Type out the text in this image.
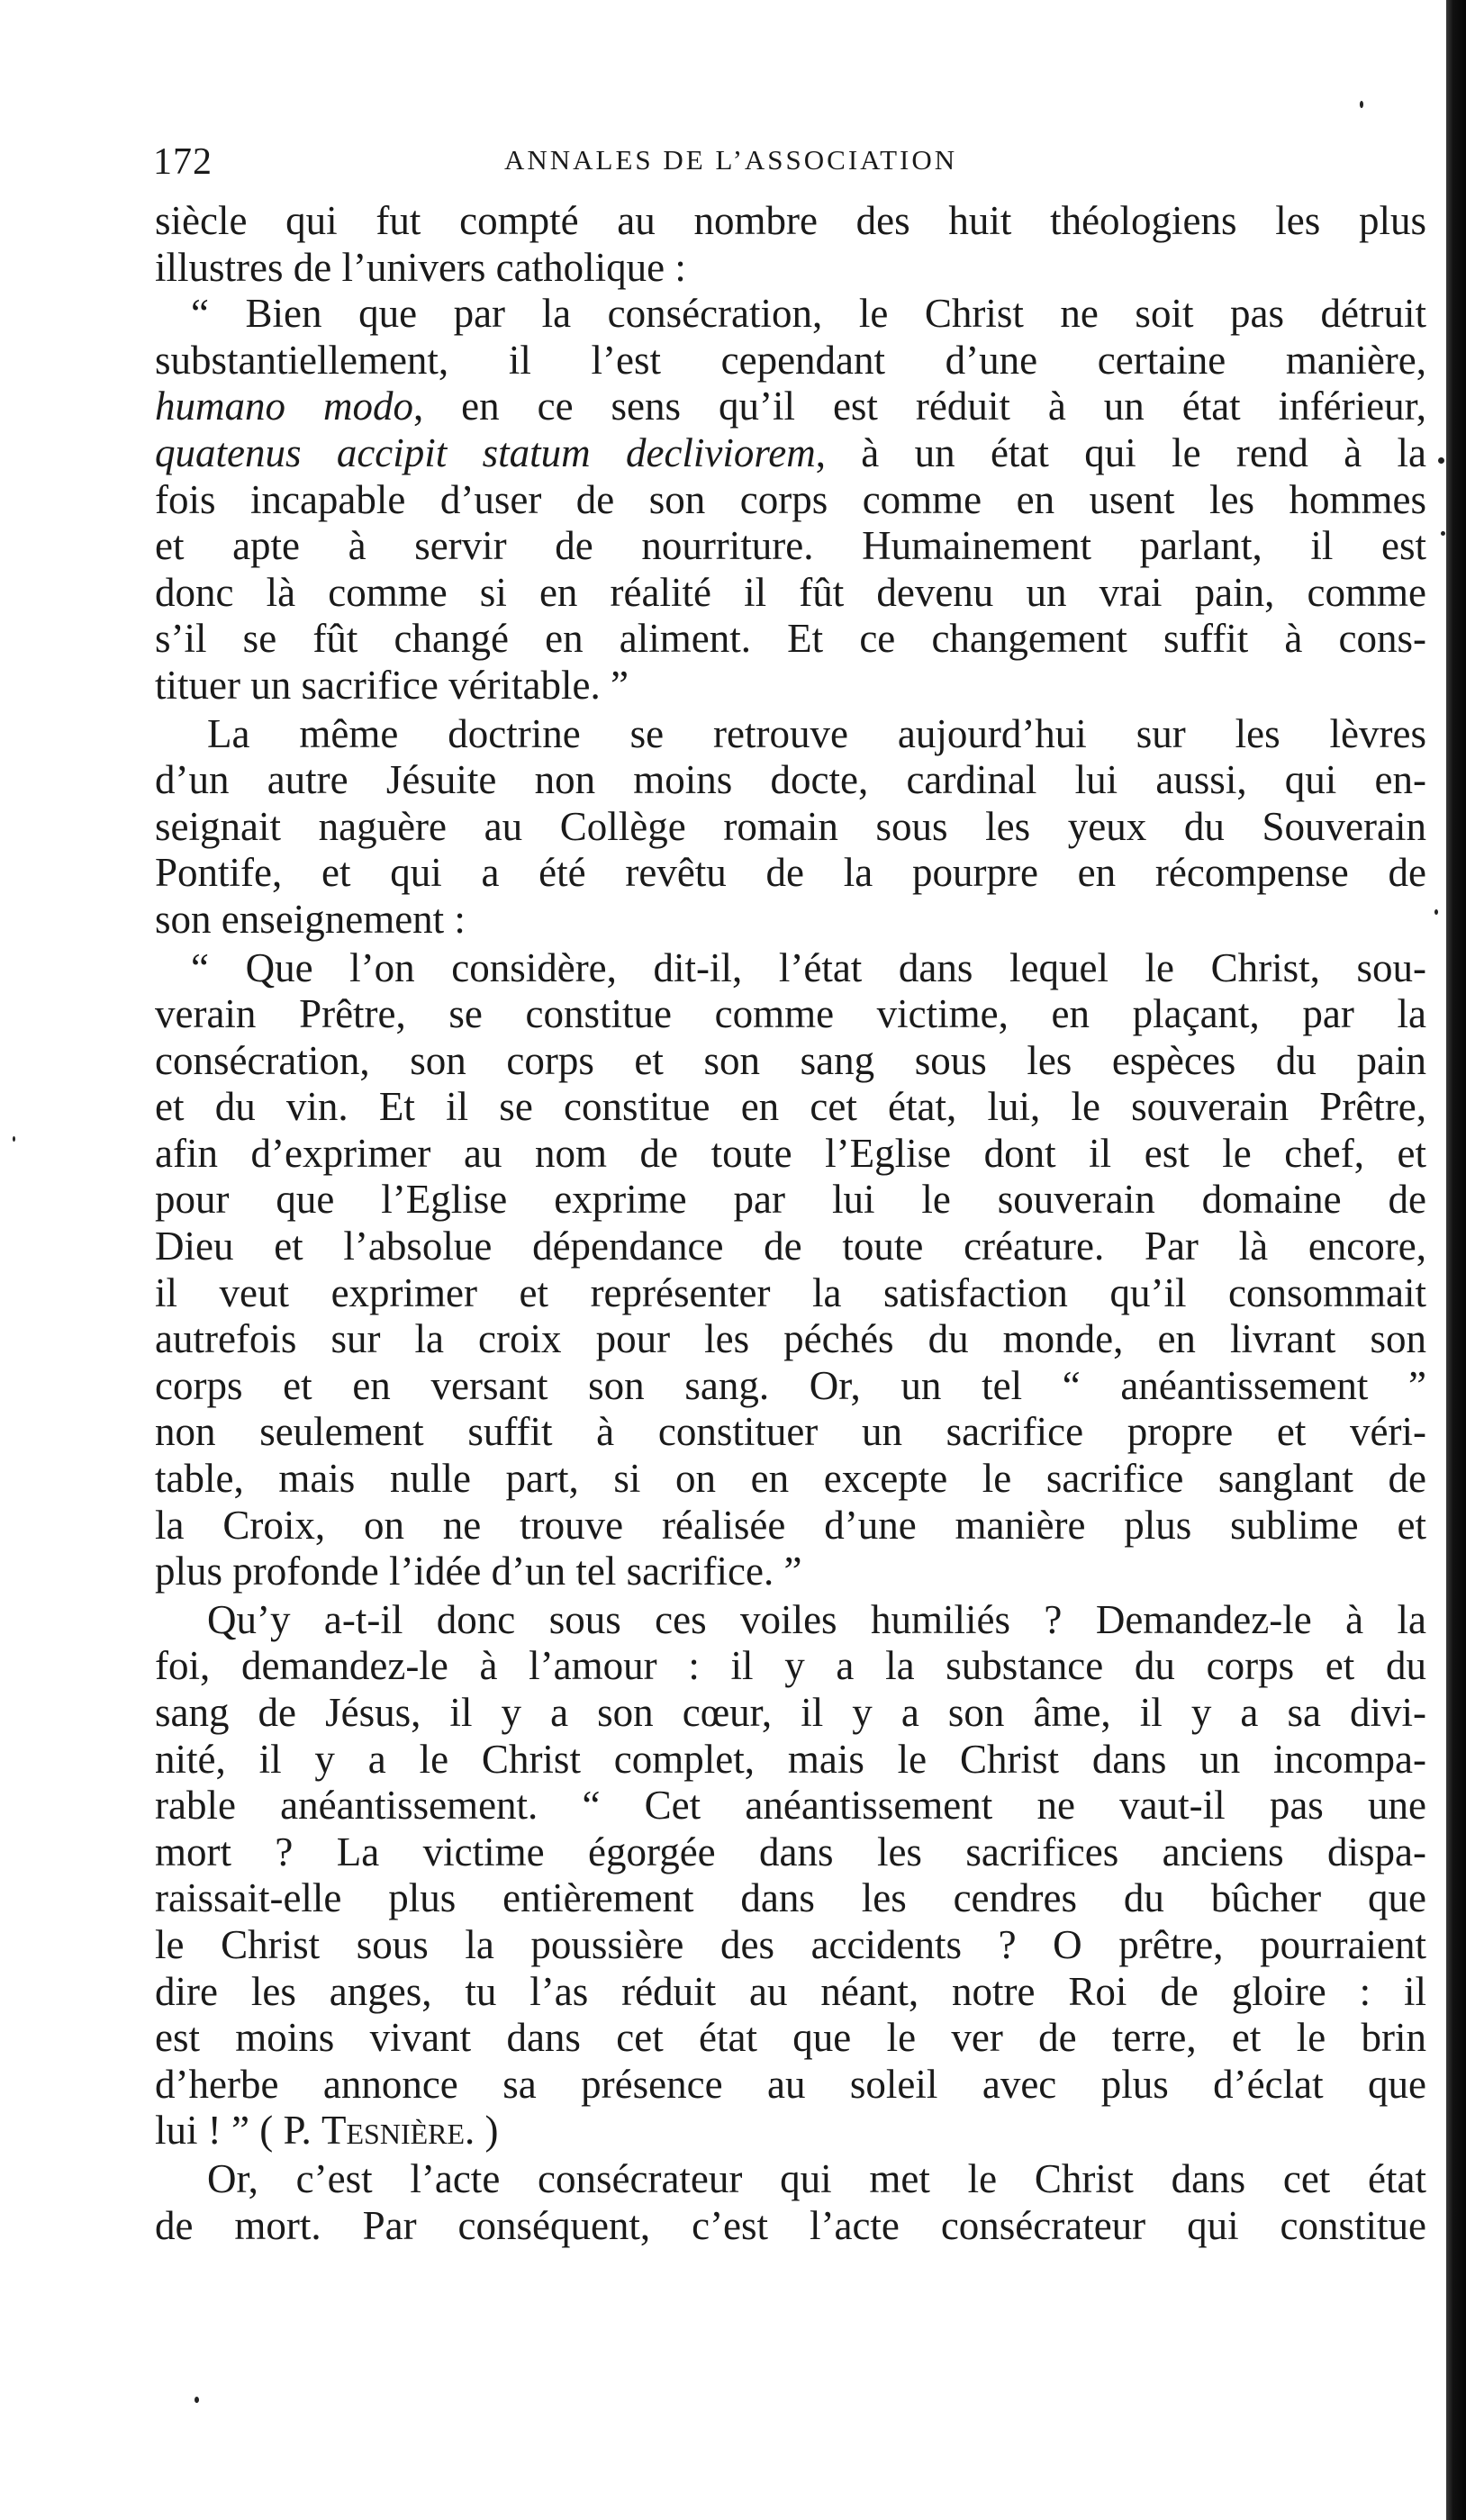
172	ANNALES DE L’ASSOCIATION
siècle qui fut compté au nombre des huit théologiens les plus
illustres de l’univers catholique :
“ Bien que par la consécration, le Christ ne soit pas détruit
substantiellement, il l’est cependant d’une certaine manière,
humano modo, en ce sens qu’il est réduit à un état inférieur,
quatenus accipit statum decliviorem, à un état qui le rend à la
fois incapable d’user de son corps comme en usent les hommes
et apte à servir de nourriture. Humainement parlant, il est
donc là comme si en réalité il fût devenu un vrai pain, comme
s’il se fût changé en aliment. Et ce changement suffit à cons-
tituer un sacrifice véritable. ”
La même doctrine se retrouve aujourd’hui sur les lèvres
d’un autre Jésuite non moins docte, cardinal lui aussi, qui en-
seignait naguère au Collège romain sous les yeux du Souverain
Pontife, et qui a été revêtu de la pourpre en récompense de
son enseignement :
“ Que l’on considère, dit-il, l’état dans lequel le Christ, sou-
verain Prêtre, se constitue comme victime, en plaçant, par la
consécration, son corps et son sang sous les espèces du pain
et du vin. Et il se constitue en cet état, lui, le souverain Prêtre,
afin d’exprimer au nom de toute l’Eglise dont il est le chef, et
pour que l’Eglise exprime par lui le souverain domaine de
Dieu et l’absolue dépendance de toute créature. Par là encore,
il veut exprimer et représenter la satisfaction qu’il consommait
autrefois sur la croix pour les péchés du monde, en livrant son
corps et en versant son sang. Or, un tel “ anéantissement ”
non seulement suffit à constituer un sacrifice propre et véri-
table, mais nulle part, si on en excepte le sacrifice sanglant de
la Croix, on ne trouve réalisée d’une manière plus sublime et
plus profonde l’idée d’un tel sacrifice. ”
Qu’y a-t-il donc sous ces voiles humiliés ? Demandez-le à la
foi, demandez-le à l’amour : il y a la substance du corps et du
sang de Jésus, il y a son cœur, il y a son âme, il y a sa divi-
nité, il y a le Christ complet, mais le Christ dans un incompa-
rable anéantissement. “ Cet anéantissement ne vaut-il pas une
mort ? La victime égorgée dans les sacrifices anciens dispa-
raissait-elle plus entièrement dans les cendres du bûcher que
le Christ sous la poussière des accidents ? O prêtre, pourraient
dire les anges, tu l’as réduit au néant, notre Roi de gloire : il
est moins vivant dans cet état que le ver de terre, et le brin
d’herbe annonce sa présence au soleil avec plus d’éclat que
lui ! ” ( P. Tesnière. )
Or, c’est l’acte consécrateur qui met le Christ dans cet état
de mort. Par conséquent, c’est l’acte consécrateur qui constitue
